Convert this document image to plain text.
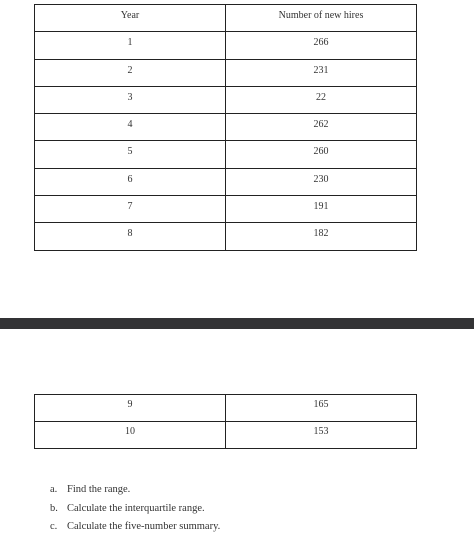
Year	Number of new hires
1	266
2	231
3	22
4	262
5	260
6	230
7	191
8	182
9	165
10	153
a. Find the range.
b. Calculate the interquartile range.
c. Calculate the five-number summary.
